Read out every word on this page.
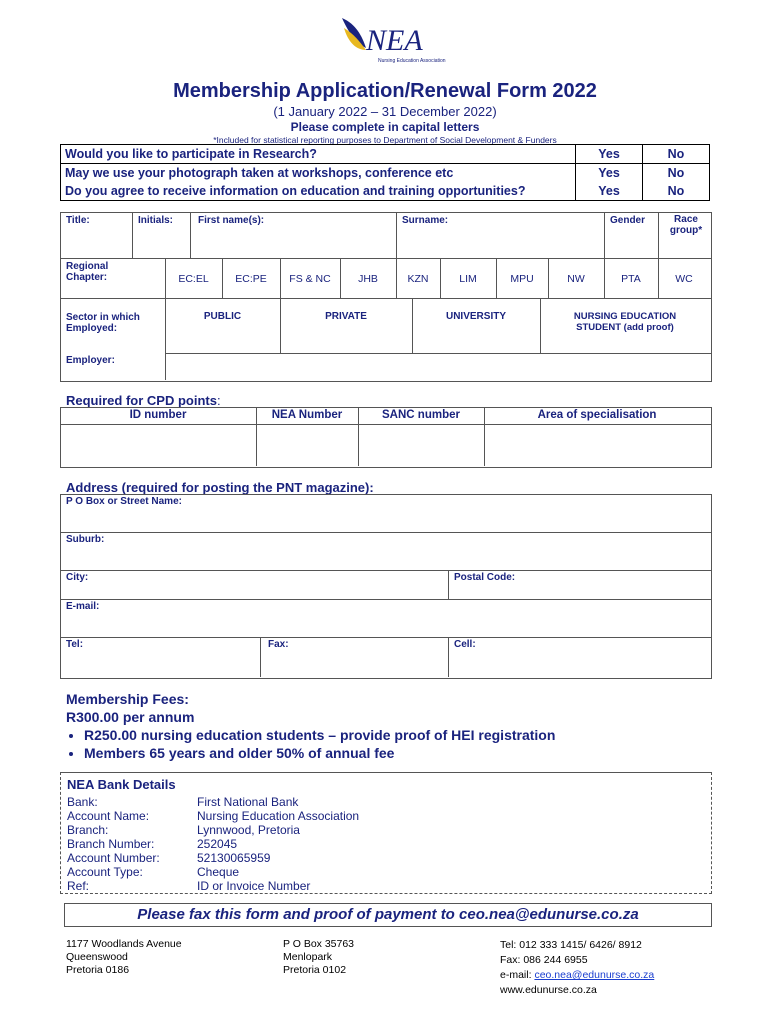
NEA
Nursing Education Association
Membership Application/Renewal Form 2022
(1 January 2022 – 31 December 2022)
Please complete in capital letters
*Included for statistical reporting purposes to Department of Social Development & Funders
Would you like to participate in Research?	Yes	No
May we use your photograph taken at workshops, conference etc	Yes	No
Do you agree to receive information on education and training opportunities?	Yes	No
Title:	Initials: First name(s):	Surname:	Gender	Race group*
Regional Chapter:	EC:EL	EC:PE	FS & NC	JHB	KZN	LIM	MPU	NW	PTA	WC
Sector in which Employed:
PUBLIC	PRIVATE	UNIVERSITY	NURSING EDUCATION STUDENT (add proof)
Employer:
Required for CPD points:
ID number	NEA Number	SANC number	Area of specialisation
Address (required for posting the PNT magazine):
P O Box or Street Name:
Suburb:
City:	Postal Code:
E-mail:
Tel:	Fax:	Cell:
Membership Fees:
R300.00 per annum
• R250.00 nursing education students – provide proof of HEI registration
• Members 65 years and older 50% of annual fee
NEA Bank Details
Bank:	First National Bank
Account Name:	Nursing Education Association
Branch:	Lynnwood, Pretoria
Branch Number:	252045
Account Number:	52130065959
Account Type:	Cheque
Ref:	ID or Invoice Number
Please fax this form and proof of payment to ceo.nea@edunurse.co.za
1177 Woodlands Avenue
Queenswood
Pretoria 0186
P O Box 35763
Menlopark
Pretoria 0102
Tel: 012 333 1415/ 6426/ 8912
Fax: 086 244 6955
e-mail: ceo.nea@edunurse.co.za
www.edunurse.co.za
